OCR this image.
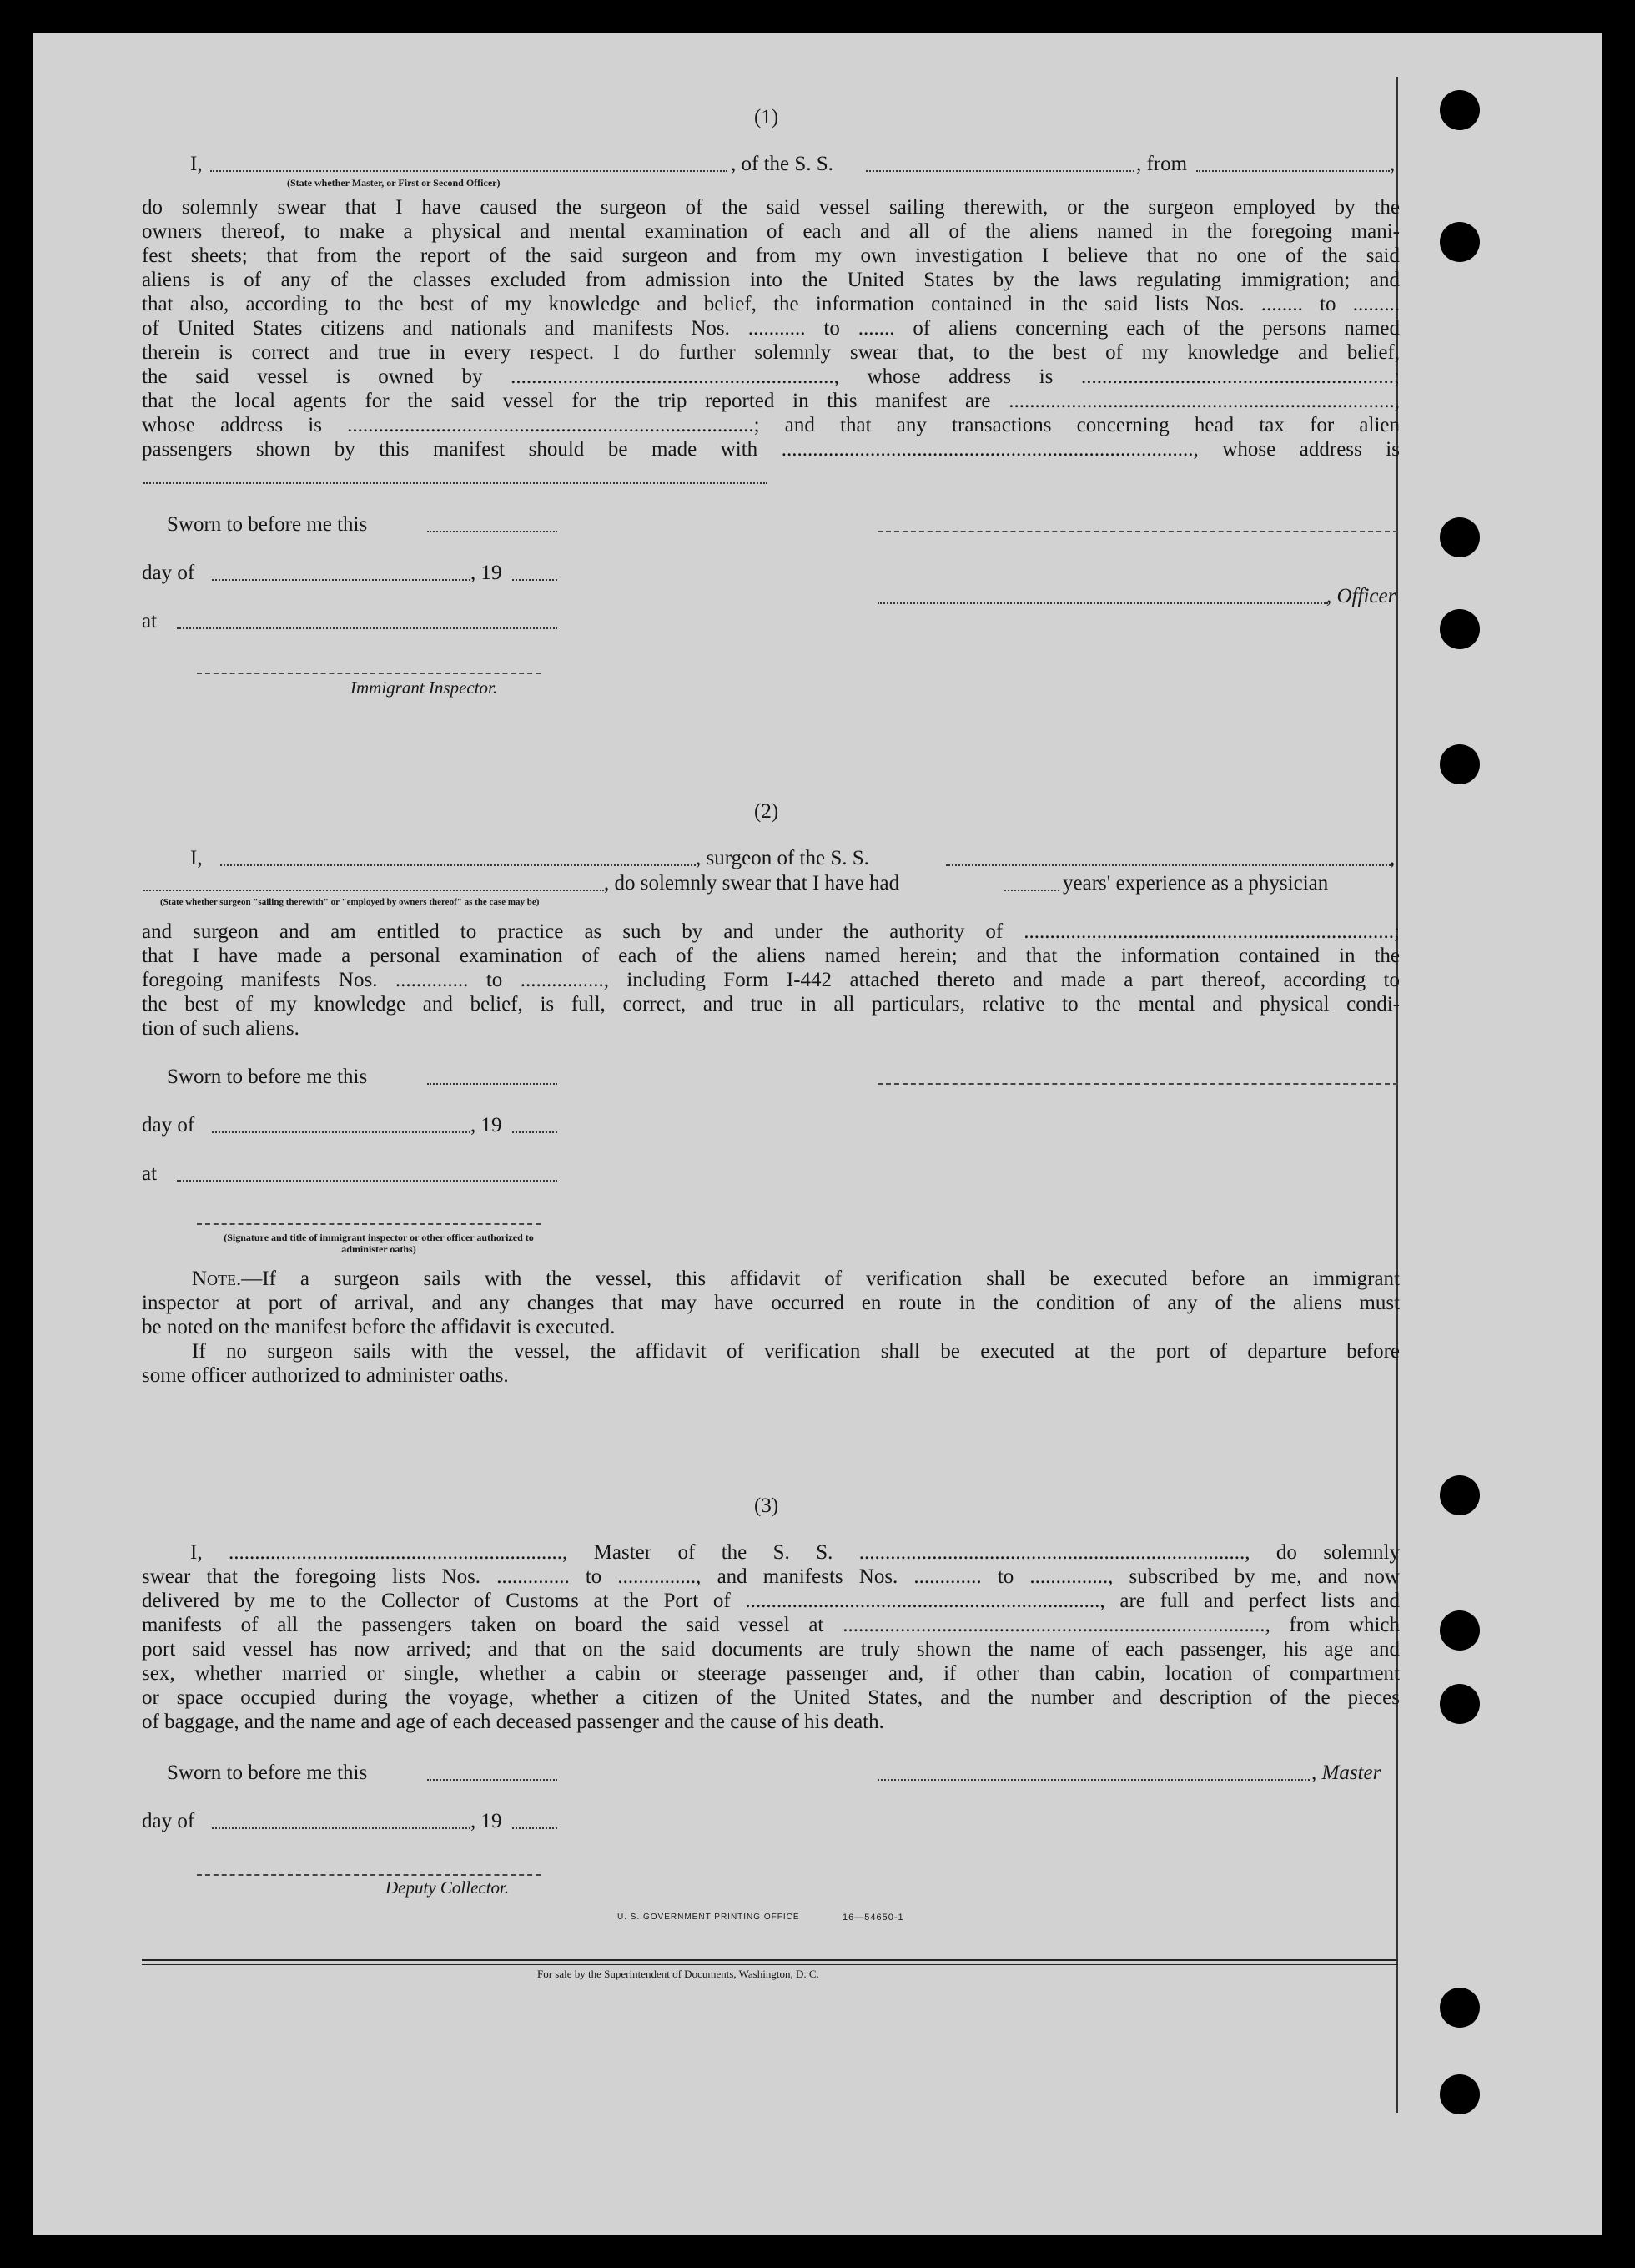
(1)
I,	, of the S. S.	, from	,
(State whether Master, or First or Second Officer)
do solemnly swear that I have caused the surgeon of the said vessel sailing therewith, or the surgeon employed by the
owners thereof, to make a physical and mental examination of each and all of the aliens named in the foregoing mani-
fest sheets; that from the report of the said surgeon and from my own investigation I believe that no one of the said
aliens is of any of the classes excluded from admission into the United States by the laws regulating immigration; and
that also, according to the best of my knowledge and belief, the information contained in the said lists Nos. ........ to .........
of United States citizens and nationals and manifests Nos. ........... to ....... of aliens concerning each of the persons named
therein is correct and true in every respect. I do further solemnly swear that, to the best of my knowledge and belief,
the said vessel is owned by .............................................................., whose address is ............................................................;
that the local agents for the said vessel for the trip reported in this manifest are ..........................................................................,
whose address is ..............................................................................; and that any transactions concerning head tax for alien
passengers shown by this manifest should be made with ..............................................................................., whose address is
Sworn to before me this
day of	, 19
, Officer
at
Immigrant Inspector.
(2)
I,	, surgeon of the S. S.	,
, do solemnly swear that I have had	years' experience as a physician
(State whether surgeon "sailing therewith" or "employed by owners thereof" as the case may be)
and surgeon and am entitled to practice as such by and under the authority of .......................................................................;
that I have made a personal examination of each of the aliens named herein; and that the information contained in the
foregoing manifests Nos. .............. to ................, including Form I-442 attached thereto and made a part thereof, according to
the best of my knowledge and belief, is full, correct, and true in all particulars, relative to the mental and physical condi-
tion of such aliens.
Sworn to before me this
day of	, 19
at
(Signature and title of immigrant inspector or other officer authorized to administer oaths)
Note.—If a surgeon sails with the vessel, this affidavit of verification shall be executed before an immigrant
inspector at port of arrival, and any changes that may have occurred en route in the condition of any of the aliens must
be noted on the manifest before the affidavit is executed.
If no surgeon sails with the vessel, the affidavit of verification shall be executed at the port of departure before
some officer authorized to administer oaths.
(3)
I, ................................................................, Master of the S. S. .........................................................................., do solemnly
swear that the foregoing lists Nos. .............. to ..............., and manifests Nos. ............. to ..............., subscribed by me, and now
delivered by me to the Collector of Customs at the Port of ...................................................................., are full and perfect lists and
manifests of all the passengers taken on board the said vessel at ................................................................................., from which
port said vessel has now arrived; and that on the said documents are truly shown the name of each passenger, his age and
sex, whether married or single, whether a cabin or steerage passenger and, if other than cabin, location of compartment
or space occupied during the voyage, whether a citizen of the United States, and the number and description of the pieces
of baggage, and the name and age of each deceased passenger and the cause of his death.
Sworn to before me this	, Master
day of	, 19
Deputy Collector.
U. S. GOVERNMENT PRINTING OFFICE	16—54650-1
For sale by the Superintendent of Documents, Washington, D. C.
